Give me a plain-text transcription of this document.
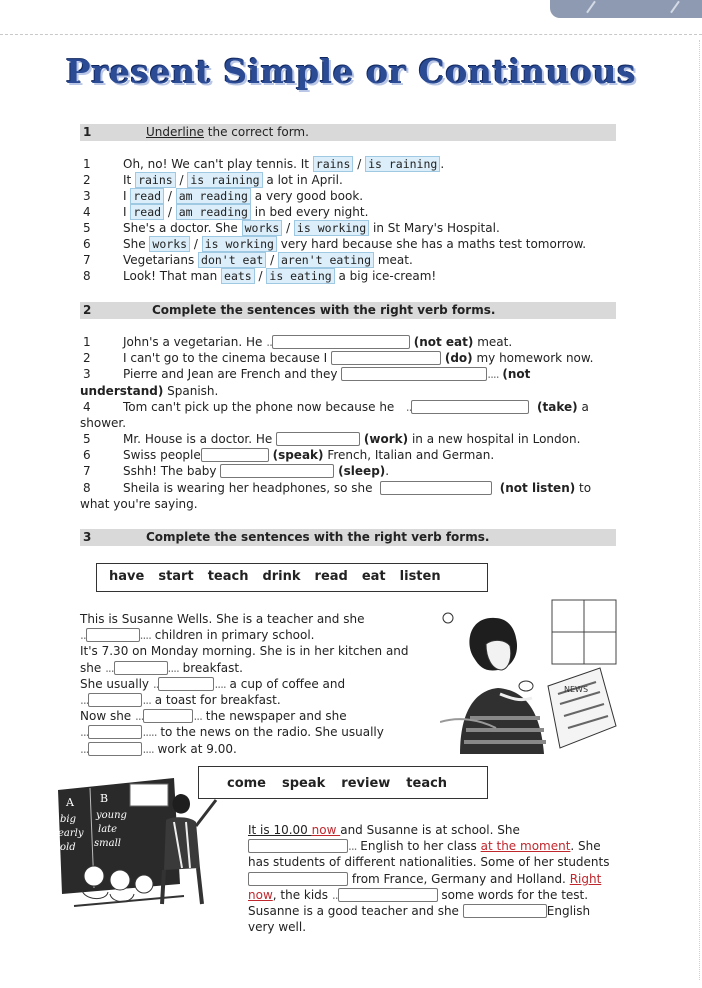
Present Simple or Continuous
1	Underline the correct form.
1	Oh, no! We can't play tennis. It rains / is raining .
2	It rains / is raining a lot in April.
3	I read / am reading a very good book.
4	I read / am reading in bed every night.
5	She's a doctor. She works / is working in St Mary's Hospital.
6	She works / is working very hard because she has a maths test tomorrow.
7	Vegetarians don't eat / aren't eating meat.
8	Look! That man eats / is eating a big ice-cream!
2	Complete the sentences with the right verb forms.
1	John's a vegetarian. He ..	(not eat) meat.
2	I can't go to the cinema because I	(do) my homework now.
3	Pierre and Jean are French and they	.... (not
understand) Spanish.
4	Tom can't pick up the phone now because he   ..	(take) a
shower.
5	Mr. House is a doctor. He	(work) in a new hospital in London.
6	Swiss people	(speak) French, Italian and German.
7	Sshh! The baby	(sleep).
8	Sheila is wearing her headphones, so she	(not listen) to
what you're saying.
3	Complete the sentences with the right verb forms.
have start teach drink read eat listen
NEWS
This is Susanne Wells. She is a teacher and she
..	.... children in primary school.
It's 7.30 on Monday morning. She is in her kitchen and
she ...	.... breakfast.
She usually ..	.... a cup of coffee and
...	... a toast for breakfast.
Now she ...	... the newspaper and she
...	..... to the news on the radio. She usually
...	.... work at 9.00.
A B
big young
early late
old small
come speak review teach
It is 10.00 now and Susanne is at school. She
... English to her class at the moment. She
has students of different nationalities. Some of her students
from France, Germany and Holland. Right
now, the kids ..	some words for the test.
Susanne is a good teacher and she	English
very well.
